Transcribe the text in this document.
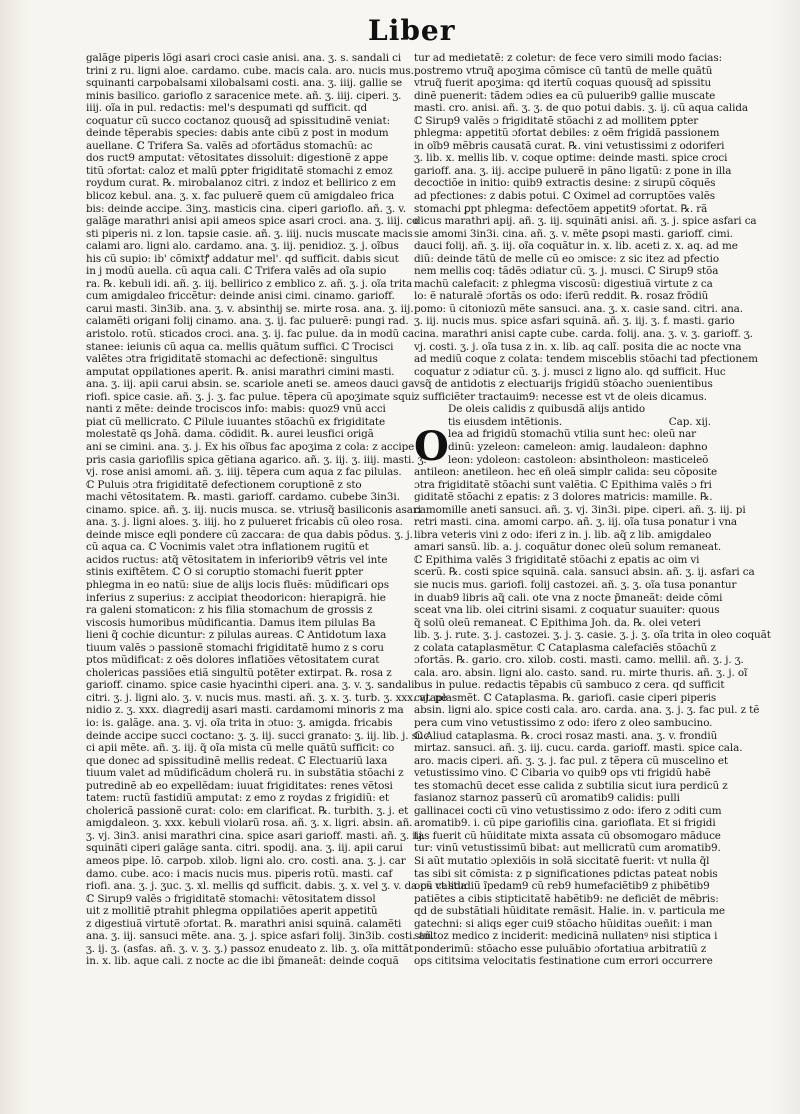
Liber
galãge piperis lõgi asari croci casie anisi. ana. ʒ. s. sandali ci
trini z ru. ligni aloe. cardamo. cube. macis cala. aro. nucis mus.
squinanti carpobalsami xilobalsami costi. ana. ʒ. iiij. gallie se
minis basilico. garioflo z saracenice mete. añ. ʒ. iiij. ciperi. ʒ.
iiij. oĩa in pul. redactis: mel's despumati qd sufficit. qd
coquatur cũ succo coctanoz quousq̃ ad spissitudinẽ veniat:
deinde tẽperabis species: dabis ante cibũ z post in modum
auellane. ℂ Trifera Sa. valẽs ad ɔfortãdus stomachũ: ac
dos ruct9 amputat: vẽtositates dissoluit: digestionẽ z appe
titũ ɔfortat: caloz et malũ ꝑpter frigiditatẽ stomachi z emoz
roydum curat. ℞. mirobalanoz citri. z indoz et bellirico z em
blicoz kebul. ana. ʒ. x. fac puluerẽ quem cũ amigdaleo frica
bis: deinde accipe. 3inʒ. masticis cina. ciperi garioflo. añ. ʒ. v.
galãge marathri anisi apii ameos spice asari croci. ana. ʒ. iiij. co
sti piperis ni. z lon. tapsie casie. añ. ʒ. iiij. nucis muscate macis
calami aro. ligni alo. cardamo. ana. ʒ. iij. penidioz. ʒ. j. oĩbus
his cũ supio: ib' cõmixtꝭ addatur mel'. qd sufficit. dabis sicut
in j modũ auella. cũ aqua cali. ℂ Trifera valẽs ad oĩa supio
ra. ℞. kebuli idi. añ. ʒ. iij. bellirico z emblico z. añ. ʒ. j. oĩa trita
cum amigdaleo friccẽtur: deinde anisi cimi. cinamo. garioff.
carui masti. 3in3ib. ana. ʒ. v. absinthij se. mirte rosa. ana. ʒ. iij.
calamẽti origani folij cinamo. ana. ʒ. ij. fac puluerẽ: pungi rad.
aristolo. rotũ. sticados croci. ana. ʒ. ij. fac pulue. da in modũ ca
stanee: ieiunis cũ aqua ca. mellis quãtum suffici. ℂ Trocisci
valẽtes ɔtra frigiditatẽ stomachi ac defectionẽ: singultus
amputat oppilationes aperit. ℞. anisi marathri cimini masti.
ana. ʒ. iij. apii carui absin. se. scariole aneti se. ameos dauci ga
riofi. spice casie. añ. ʒ. j. ʒ. fac pulue. tẽpera cũ apoʒimate squi
nanti z mẽte: deinde trociscos info: mabis: quoz9 vnũ acci
piat cũ mellicrato. ℂ Pilule iuuantes stõachũ ex frigiditate
molestatẽ qs Johã. dama. cõdidit. ℞. aurei leusfici origã
ani se cimini. ana. ʒ. j. Ex his oĩbus fac apoʒima z cola: z accipe
pris casia gariofilis spica gẽtiana agarico. añ. ʒ. iij. ʒ. iiij. masti. ʒ.
vj. rose anisi amomi. añ. ʒ. iiij. tẽpera cum aqua z fac pilulas.
ℂ Puluis ɔtra frigiditatẽ defectionem coruptionẽ z sto
machi vẽtositatem. ℞. masti. garioff. cardamo. cubebe 3in3i.
cinamo. spice. añ. ʒ. iij. nucis musca. se. vtriusq̃ basiliconis asari
ana. ʒ. j. ligni aloes. ʒ. iiij. ho z pulueret fricabis cũ oleo rosa.
deinde misce eqli pondere cũ zaccara: de qua dabis põdus. ʒ. j.
cũ aqua ca. ℂ Vocnimis valet ɔtra inflationem rugitũ et
acidos ructus: atq̃ vẽtositatem in inferiorib9 vẽtris vel inte
stinis exiftẽtem. ℂ O si coruptio stomachi fuerit ꝑpter
phlegma in eo natũ: siue de alijs locis fluẽs: mũdificari ops
inferius z superius: z accipiat theodoricon: hierapigrã. hie
ra galeni stomaticon: z his filia stomachum de grossis z
viscosis humoribus mũdificantia. Damus item pilulas Ba
lieni q̃ cochie dicuntur: z pilulas aureas. ℂ Antidotum laxa
tiuum valẽs ɔ passionẽ stomachi frigiditatẽ humo z s coru
ptos mũdificat: z oẽs dolores inflatiões vẽtositatem curat
cholericas passiões etiã singultũ potẽter extirpat. ℞. rosa z
garioff. cinamo. spice casie hyacinthi ciperi. ana. ʒ. v. ʒ. sandali
citri. ʒ. j. ligni alo. ʒ. v. nucis mus. masti. añ. ʒ. x. ʒ. turb. ʒ. xxx. vj. pe
nidio z. ʒ. xxx. diagredij asari masti. cardamomi minoris z ma
io: is. galãge. ana. ʒ. vj. oĩa trita in ɔtuo: ʒ. amigda. fricabis
deinde accipe succi coctano: ʒ. ʒ. iij. succi granato: ʒ. iij. lib. j. suc
ci apii mẽte. añ. ʒ. iij. q̃ oĩa mista cũ melle quãtũ sufficit: co
que donec ad spissitudinẽ mellis redeat. ℂ Electuariũ laxa
tiuum valet ad mũdificãdum cholerã ru. in substãtia stõachi z
putredinẽ ab eo expellẽdam: iuuat frigiditates: renes vẽtosi
tatem: ructũ fastidiũ amputat: z emo z roydas z frigidiũ: et
cholericã passionẽ curat: colo: em clarificat. ℞. turbith. ʒ. j. et
amigdaleon. ʒ. xxx. kebuli violarũ rosa. añ. ʒ. x. ligri. absin. añ.
ʒ. vj. 3in3. anisi marathri cina. spice asari garioff. masti. añ. ʒ. iij.
squinãti ciperi galãge santa. citri. spodij. ana. ʒ. iij. apii carui
ameos pipe. lõ. carpob. xilob. ligni alo. cro. costi. ana. ʒ. j. car
damo. cube. aco: i macis nucis mus. piperis rotũ. masti. caf
riofi. ana. ʒ. j. ʒuc. ʒ. xl. mellis qd sufficit. dabis. ʒ. x. vel ʒ. v. da cũ calida
ℂ Sirup9 valẽs ɔ frigiditatẽ stomachi: vẽtositatem dissol
uit z mollitiẽ ptrahit phlegma oppilatiões aperit appetitũ
z digestiuã virtutẽ ɔfortat. ℞. marathri anisi squinã. calamẽti
ana. ʒ. iij. sansuci mẽte. ana. ʒ. j. spice asfari folij. 3in3ib. costi. añ.
ʒ. ij. ʒ. (asfas. añ. ʒ. v. ʒ. ʒ.) passoz enudeato z. lib. ʒ. oĩa mittãt
in. x. lib. aque cali. z nocte ac die ibi p̃maneãt: deinde coquã
tur ad medietatẽ: z coletur: de fece vero simili modo facias:
postremo vtruq̃ apoʒima cõmisce cũ tantũ de melle quãtũ
vtruq̃ fuerit apoʒima: qd itertũ coquas quousq̃ ad spissitu
dinẽ puenerit: tãdem ɔdies ea cũ puluerib9 gallie muscate
masti. cro. anisi. añ. ʒ. ʒ. de quo potui dabis. ʒ. ij. cũ aqua calida
ℂ Sirup9 valẽs ɔ frigiditatẽ stõachi z ad mollitem ꝑpter
phlegma: appetitũ ɔfortat debiles: z oẽm frigidã passionem
in oĩb9 mẽbris causatã curat. ℞. vini vetustissimi z odoriferi
ʒ. lib. x. mellis lib. v. coque optime: deinde masti. spice croci
garioff. ana. ʒ. iij. accipe puluerẽ in pãno ligatũ: z pone in illa
decoctiõe in initio: quib9 extractis desine: z sirupũ cõquẽs
ad pfectiones: z dabis potui. ℂ Oximel ad corruptões valẽs
stomachi ꝑpt phlegma: defectõem appetit9 ɔfortat. ℞. rã
dicus marathri apij. añ. ʒ. iij. squinãti anisi. añ. ʒ. j. spice asfari ca
sie amomi 3in3i. cina. añ. ʒ. v. mẽte ꝑsopi masti. garioff. cimi.
dauci folij. añ. ʒ. iij. oĩa coquãtur in. x. lib. aceti z. x. aq. ad me
diũ: deinde tãtũ de melle cũ eo ɔmisce: z sic itez ad pfectio
nem mellis coq: tãdẽs ɔdiatur cũ. ʒ. j. musci. ℂ Sirup9 stõa
machũ calefacit: z phlegma viscosũ: digestiuã virtute z ca
lo: ẽ naturalẽ ɔfortãs os odo: iferũ reddit. ℞. rosaz frõdiũ
pomo: ũ citoniozũ mẽte sansuci. ana. ʒ. x. casie sand. citri. ana.
ʒ. iij. nucis mus. spice asfari squinã. añ. ʒ. iij. ʒ. f. masti. gario
cina. marathri anisi capte cube. carda. folij. ana. ʒ. v. ʒ. garioff. ʒ.
vj. costi. ʒ. j. oĩa tusa z in. x. lib. aq calĩ. posita die ac nocte vna
ad mediũ coque z colata: tendem misceblis stõachi tad pfectionem
coquatur z ɔdiatur cũ. ʒ. j. musci z ligno alo. qd sufficit. Huc
vsq̃ de antidotis z electuarijs frigidũ stõacho ɔuenientibus
z sufficiẽter tractauim9: necesse est vt de oleis dicamus.
De oleis calidis z quibusdã alijs antido
tis eiusdem intẽtionis.	Cap. xij.
O lea ad frigidũ stomachũ vtilia sunt hec: oleũ nar
dinũ: yzeleon: cameleon: amig. laudaleon: daphno
leon: ydoleon: castoleon: absintholeon: masticeleõ
antileon: anetileon. hec eñ oleã simplr calida: seu cõposite
ɔtra frigiditatẽ stõachi sunt valẽtia. ℂ Epithima valẽs ɔ fri
giditatẽ stõachi z epatis: z 3 dolores matricis: mamille. ℞.
camomille aneti sansuci. añ. ʒ. vj. 3in3i. pipe. ciperi. añ. ʒ. iij. pi
retri masti. cina. amomi carpo. añ. ʒ. iij. oĩa tusa ponatur i vna
libra veteris vini z odo: iferi z in. j. lib. aq̃ z lib. amigdaleo
amari sansũ. lib. a. j. coquãtur donec oleũ solum remaneat.
ℂ Epithima valẽs 3 frigiditatẽ stõachi z epatis ac oim vi
scerũ. ℞. costi spice squinã. cala. sansuci absin. añ. ʒ. ij. asfari ca
sie nucis mus. gariofi. folij castozei. añ. ʒ. ʒ. oĩa tusa ponantur
in duab9 libris aq̃ cali. ote vna z nocte p̃maneãt: deide cõmi
sceat vna lib. olei citrini sisami. z coquatur suauiter: quous
q̃ solũ oleũ remaneat. ℂ Epithima Joh. da. ℞. olei veteri
lib. ʒ. j. rute. ʒ. j. castozei. ʒ. j. ʒ. casie. ʒ. j. ʒ. oĩa trita in oleo coquãt
z colata cataplasmẽtur. ℂ Cataplasma calefaciẽs stõachũ z
ɔfortãs. ℞. gario. cro. xilob. costi. masti. camo. mellil. añ. ʒ. j. ʒ.
cala. aro. absin. ligni alo. casto. sand. ru. mirte thuris. añ. ʒ. j. oĩ
bus in pulue. redactis tẽpabis cũ sambuco z cera. qd sufficit
cataplasmẽt. ℂ Cataplasma. ℞. gariofi. casie ciperi piperis
absin. ligni alo. spice costi cala. aro. carda. ana. ʒ. j. ʒ. fac pul. z tẽ
pera cum vino vetustissimo z odo: ifero z oleo sambucino.
ℂ Aliud cataplasma. ℞. croci rosaz masti. ana. ʒ. v. frondiũ
mirtaz. sansuci. añ. ʒ. iij. cucu. carda. garioff. masti. spice cala.
aro. macis ciperi. añ. ʒ. ʒ. j. fac pul. z tẽpera cũ muscelino et
vetustissimo vino. ℂ Cibaria vo quib9 ops vti frigidũ habẽ
tes stomachũ decet esse calida z subtilia sicut iura perdicũ z
fasianoz starnoz passerũ cũ aromatib9 calidis: pulli
gallinacei cocti cũ vino vetustissimo z odo: ifero z ɔditi cum
aromatib9. i. cũ pipe gariofilis cina. garioflata. Et si frigidi
tas fuerit cũ hũiditate mixta assata cũ obsomogaro mãduce
tur: vinũ vetustissimũ bibat: aut mellicratũ cum aromatib9.
Si aũt mutatio ɔplexiõis in solã siccitatẽ fuerit: vt nulla q̃l
tas sibi sit cõmista: z p significationes pdictas pateat nobis
ops vt studiũ ĩpedam9 cũ reb9 humefaciẽtib9 z phibẽtib9
patiẽtes a cibis stipticitatẽ habẽtib9: ne deficiẽt de mẽbris:
qd de substãtiali hũiditate remãsit. Halie. in. v. particula me
gatechni: si aliqs eger cui9 stõacho hũiditas ɔueñit: i man
stultoz medico z inciderit: medicinã nullatenꝰ nisi stiptica i
ponderimũ: stõacho esse puluãbio ɔfortatiua arbitratiũ z
ops cititsima velocitatis festinatione cum errori occurrere
